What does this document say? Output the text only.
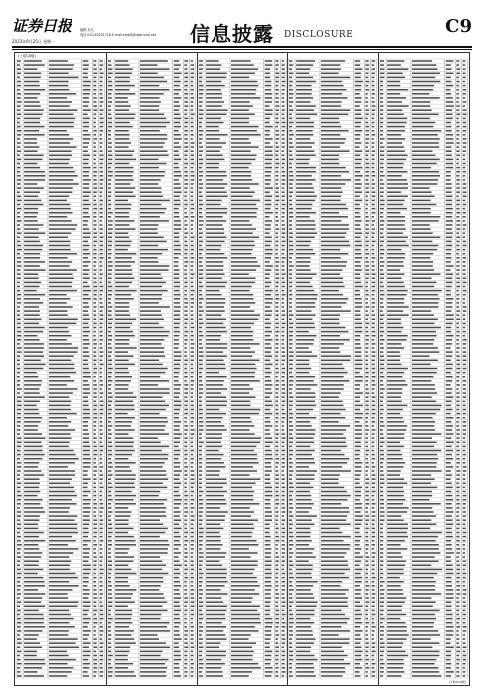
证券日报
2023年9月25日 星期一
编辑 孙凡
电话 010-83251716 E-mail:zqrb9@zqrb.sina.net 信息披露 DISCLOSURE	C9
(上接C8版)
(下转C10版)
